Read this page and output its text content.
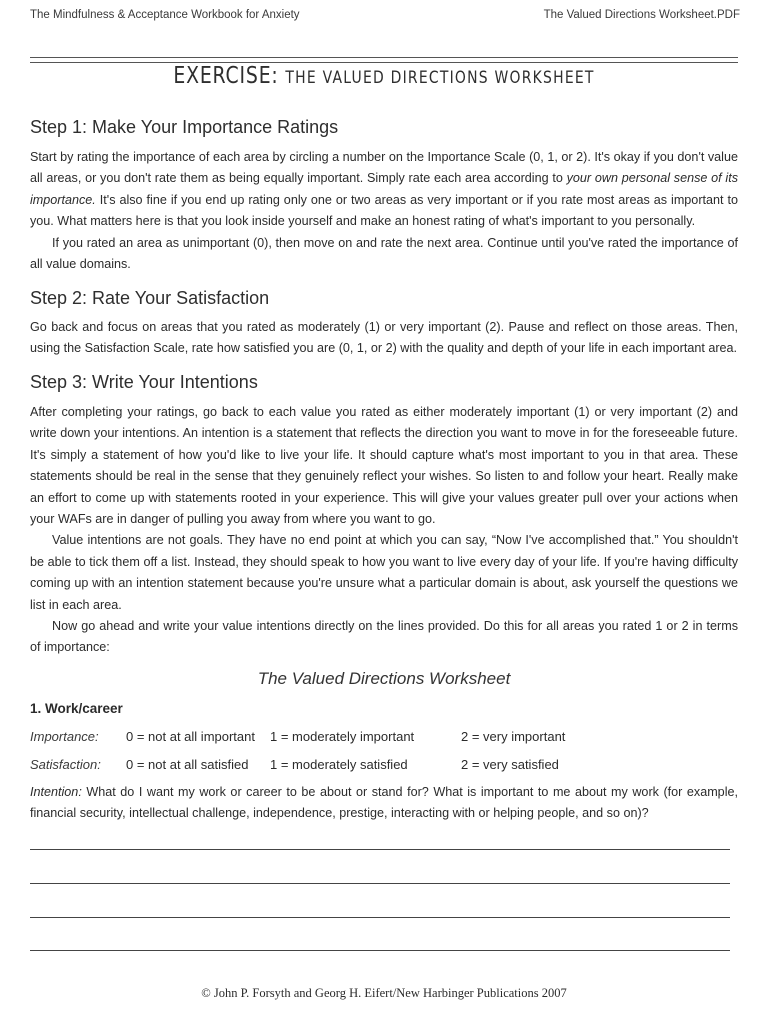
The Mindfulness & Acceptance Workbook for Anxiety	The Valued Directions Worksheet.PDF
EXERCISE: THE VALUED DIRECTIONS WORKSHEET
Step 1: Make Your Importance Ratings
Start by rating the importance of each area by circling a number on the Importance Scale (0, 1, or 2). It's okay if you don't value all areas, or you don't rate them as being equally important. Simply rate each area according to your own personal sense of its importance. It's also fine if you end up rating only one or two areas as very important or if you rate most areas as important to you. What matters here is that you look inside yourself and make an honest rating of what's important to you personally.
If you rated an area as unimportant (0), then move on and rate the next area. Continue until you've rated the importance of all value domains.
Step 2: Rate Your Satisfaction
Go back and focus on areas that you rated as moderately (1) or very important (2). Pause and reflect on those areas. Then, using the Satisfaction Scale, rate how satisfied you are (0, 1, or 2) with the quality and depth of your life in each important area.
Step 3: Write Your Intentions
After completing your ratings, go back to each value you rated as either moderately important (1) or very important (2) and write down your intentions. An intention is a statement that reflects the direction you want to move in for the foreseeable future. It's simply a statement of how you'd like to live your life. It should capture what's most important to you in that area. These statements should be real in the sense that they genuinely reflect your wishes. So listen to and follow your heart. Really make an effort to come up with statements rooted in your experience. This will give your values greater pull over your actions when your WAFs are in danger of pulling you away from where you want to go.
Value intentions are not goals. They have no end point at which you can say, “Now I've accomplished that.” You shouldn't be able to tick them off a list. Instead, they should speak to how you want to live every day of your life. If you're having difficulty coming up with an intention statement because you're unsure what a particular domain is about, ask yourself the questions we list in each area.
Now go ahead and write your value intentions directly on the lines provided. Do this for all areas you rated 1 or 2 in terms of importance:
The Valued Directions Worksheet
1. Work/career
Importance: 0 = not at all important 1 = moderately important	2 = very important
Satisfaction: 0 = not at all satisfied 1 = moderately satisfied	2 = very satisfied
Intention: What do I want my work or career to be about or stand for? What is important to me about my work (for example, financial security, intellectual challenge, independence, prestige, interacting with or helping people, and so on)?
© John P. Forsyth and Georg H. Eifert/New Harbinger Publications 2007
